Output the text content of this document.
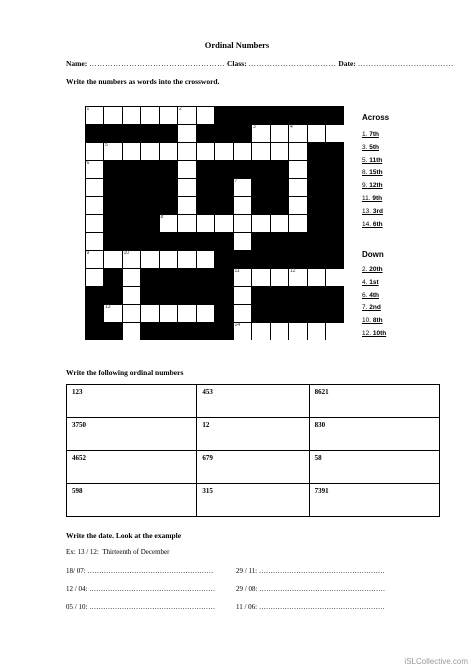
Ordinal Numbers
Name: …………………………………………… Class: …………………………… Date: ………………………………
Write the numbers as words into the crossword.
1	2
3	4
5
6
7
8
9	10
11	12
13
14
Across
1. 7th
3. 5th
5. 11th
8. 15th
9. 12th
11. 9th
13. 3rd
14. 6th
Down
2. 20th
4. 1st
6. 4th
7. 2nd
10. 8th
12. 10th
Write the following ordinal numbers
123	453	8621
3750	12	830
4652	679	58
598	315	7391
Write the date. Look at the example
Ex: 13 / 12: Thirteenth of December
18/ 07: ………………………………………………	29 / 11: ………………………………………………
12 / 04: ………………………………………………	29 / 08: ………………………………………………
05 / 10: ………………………………………………	11 / 06: ………………………………………………
iSLCollective.com
